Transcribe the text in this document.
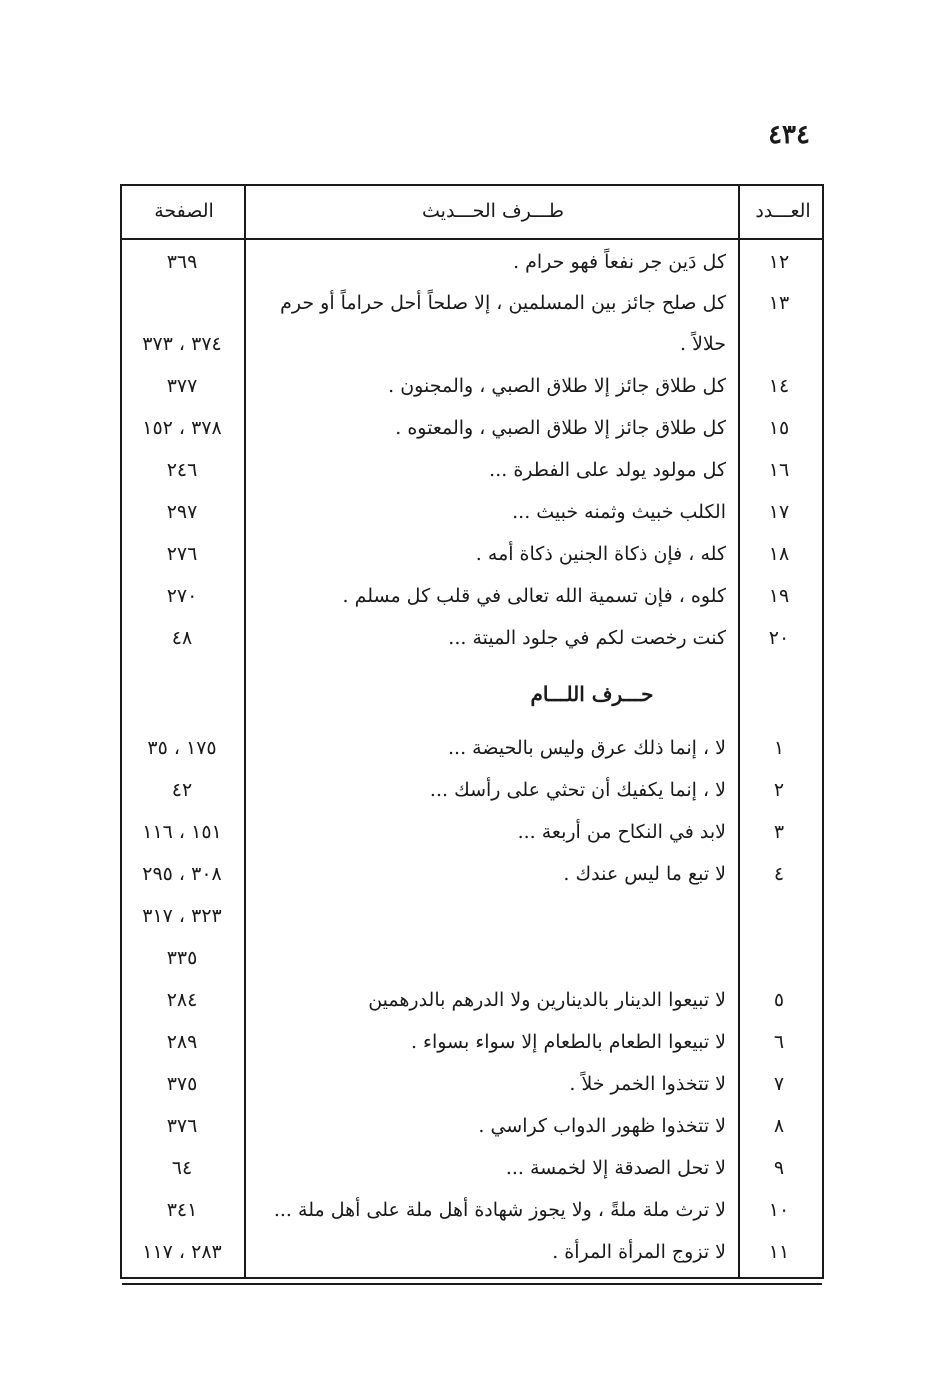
٤٣٤
العـــدد
طـــرف الحـــديث
الصفحة
١٢
كل دَين جر نفعاً فهو حرام .
٣٦٩
١٣
كل صلح جائز بين المسلمين ، إلا صلحاً أحل حراماً أو حرم
حلالاً .
٣٧٤ ، ٣٧٣
١٤
كل طلاق جائز إلا طلاق الصبي ، والمجنون .
٣٧٧
١٥
كل طلاق جائز إلا طلاق الصبي ، والمعتوه .
٣٧٨ ، ١٥٢
١٦
كل مولود يولد على الفطرة ...
٢٤٦
١٧
الكلب خبيث وثمنه خبيث ...
٢٩٧
١٨
كله ، فإن ذكاة الجنين ذكاة أمه .
٢٧٦
١٩
كلوه ، فإن تسمية الله تعالى في قلب كل مسلم .
٢٧٠
٢٠
كنت رخصت لكم في جلود الميتة ...
٤٨
١
لا ، إنما ذلك عرق وليس بالحيضة ...
١٧٥ ، ٣٥
٢
لا ، إنما يكفيك أن تحثي على رأسك ...
٤٢
٣
لابد في النكاح من أربعة ...
١٥١ ، ١١٦
٤
لا تبع ما ليس عندك .
٣٠٨ ، ٢٩٥
٣٢٣ ، ٣١٧
٣٣٥
٥
لا تبيعوا الدينار بالدينارين ولا الدرهم بالدرهمين
٢٨٤
٦
لا تبيعوا الطعام بالطعام إلا سواء بسواء .
٢٨٩
٧
لا تتخذوا الخمر خلاً .
٣٧٥
٨
لا تتخذوا ظهور الدواب كراسي .
٣٧٦
٩
لا تحل الصدقة إلا لخمسة ...
٦٤
١٠
لا ترث ملة ملةً ، ولا يجوز شهادة أهل ملة على أهل ملة ...
٣٤١
١١
لا تزوج المرأة المرأة .
٢٨٣ ، ١١٧
حـــرف اللـــام
